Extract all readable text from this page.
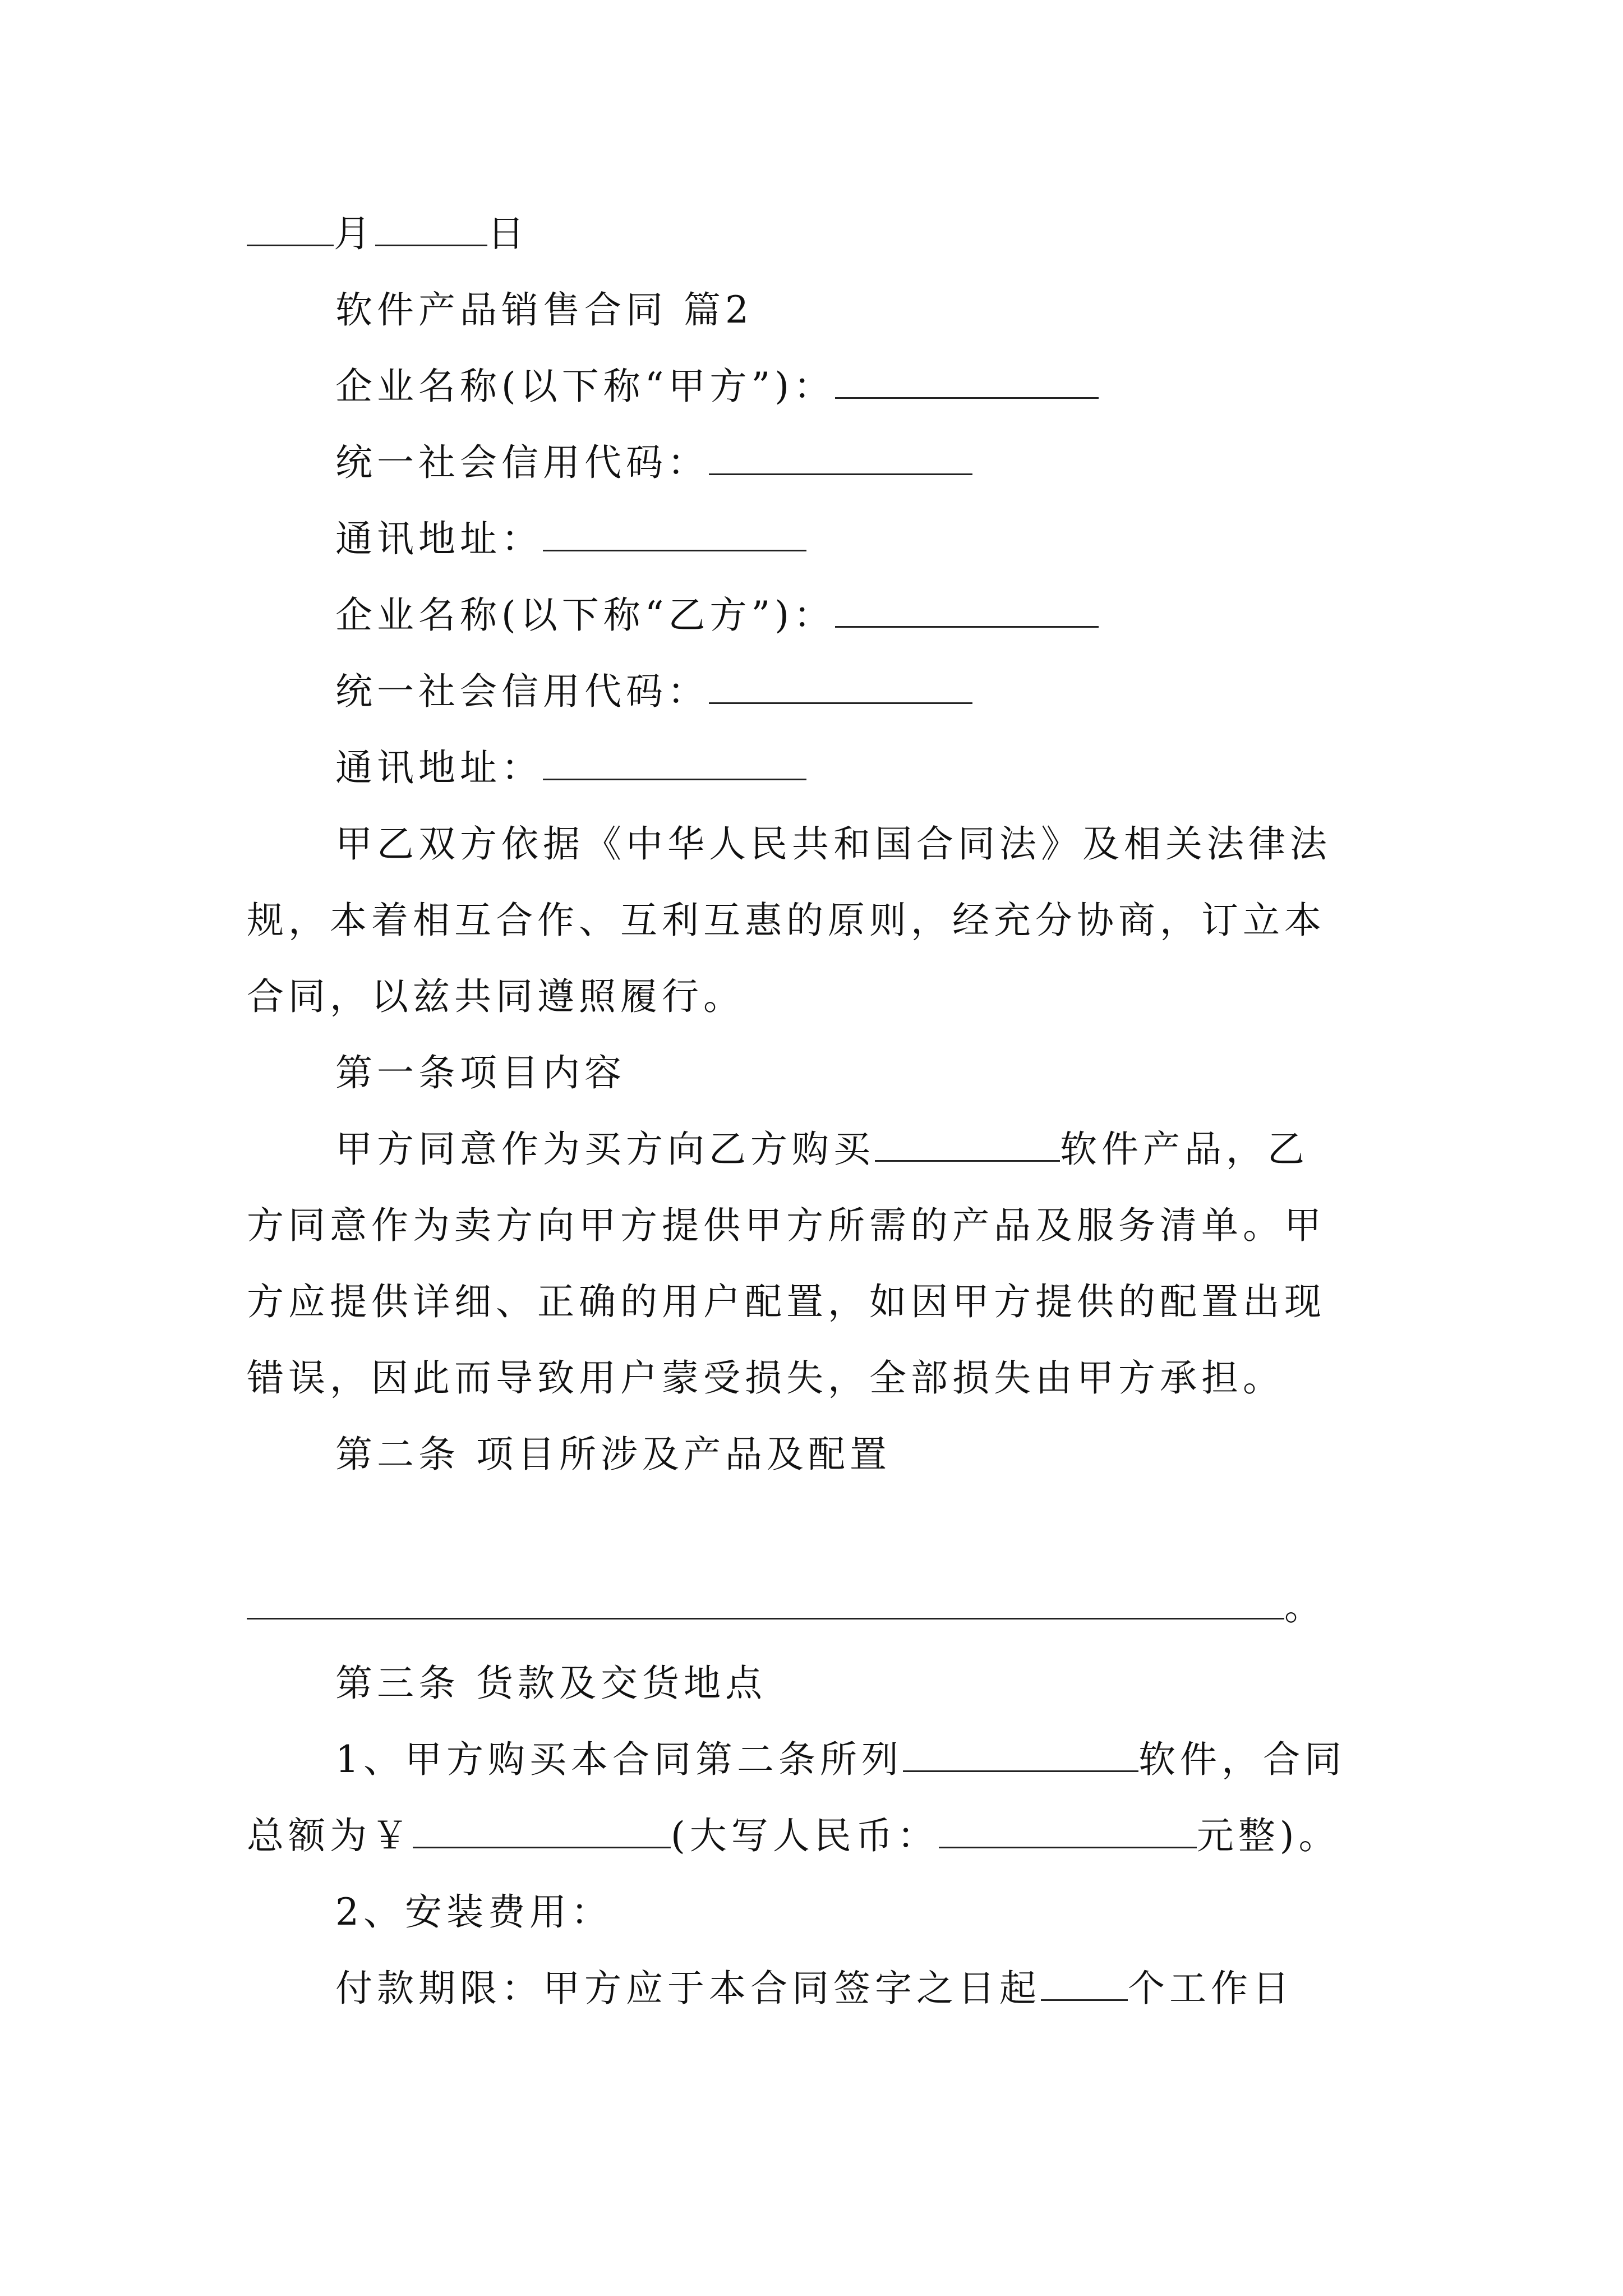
月	日
软件产品销售合同 篇2
企业名称(以下称“甲方”)：
统一社会信用代码：
通讯地址：
企业名称(以下称“乙方”)：
统一社会信用代码：
通讯地址：
甲乙双方依据《中华人民共和国合同法》及相关法律法
规，本着相互合作、互利互惠的原则，经充分协商，订立本
合同，以兹共同遵照履行。
第一条项目内容
甲方同意作为买方向乙方购买	软件产品，乙
方同意作为卖方向甲方提供甲方所需的产品及服务清单。甲
方应提供详细、正确的用户配置，如因甲方提供的配置出现
错误，因此而导致用户蒙受损失，全部损失由甲方承担。
第二条 项目所涉及产品及配置
。
第三条 货款及交货地点
1、甲方购买本合同第二条所列	软件，合同
总额为￥	(大写人民币：	元整)。
2、安装费用：
付款期限：甲方应于本合同签字之日起 个工作日
